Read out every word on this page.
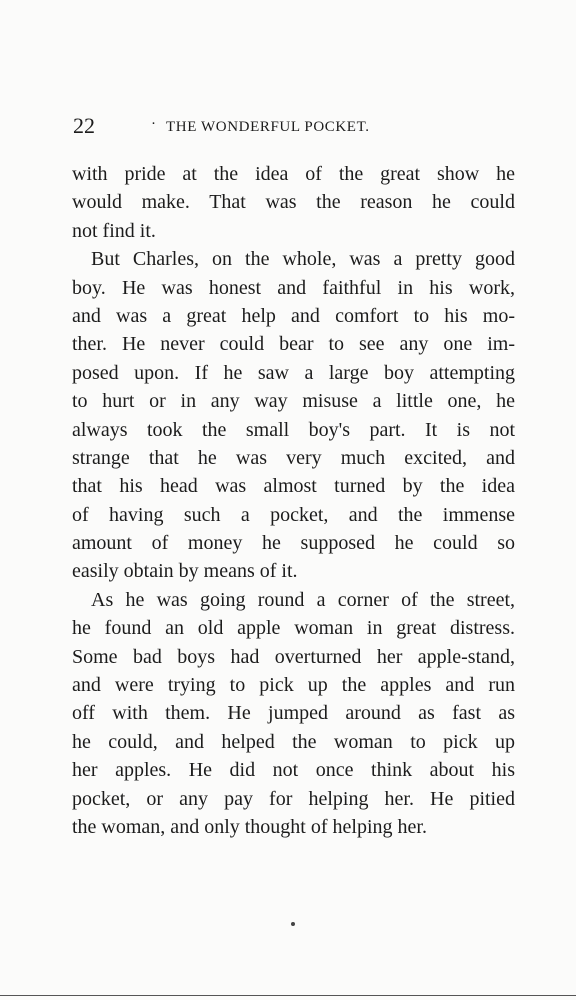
22	· THE WONDERFUL POCKET.
with pride at the idea of the great show he
would make. That was the reason he could
not find it.
But Charles, on the whole, was a pretty good
boy. He was honest and faithful in his work,
and was a great help and comfort to his mo-
ther. He never could bear to see any one im-
posed upon. If he saw a large boy attempting
to hurt or in any way misuse a little one, he
always took the small boy's part. It is not
strange that he was very much excited, and
that his head was almost turned by the idea
of having such a pocket, and the immense
amount of money he supposed he could so
easily obtain by means of it.
As he was going round a corner of the street,
he found an old apple woman in great distress.
Some bad boys had overturned her apple-stand,
and were trying to pick up the apples and run
off with them. He jumped around as fast as
he could, and helped the woman to pick up
her apples. He did not once think about his
pocket, or any pay for helping her. He pitied
the woman, and only thought of helping her.
